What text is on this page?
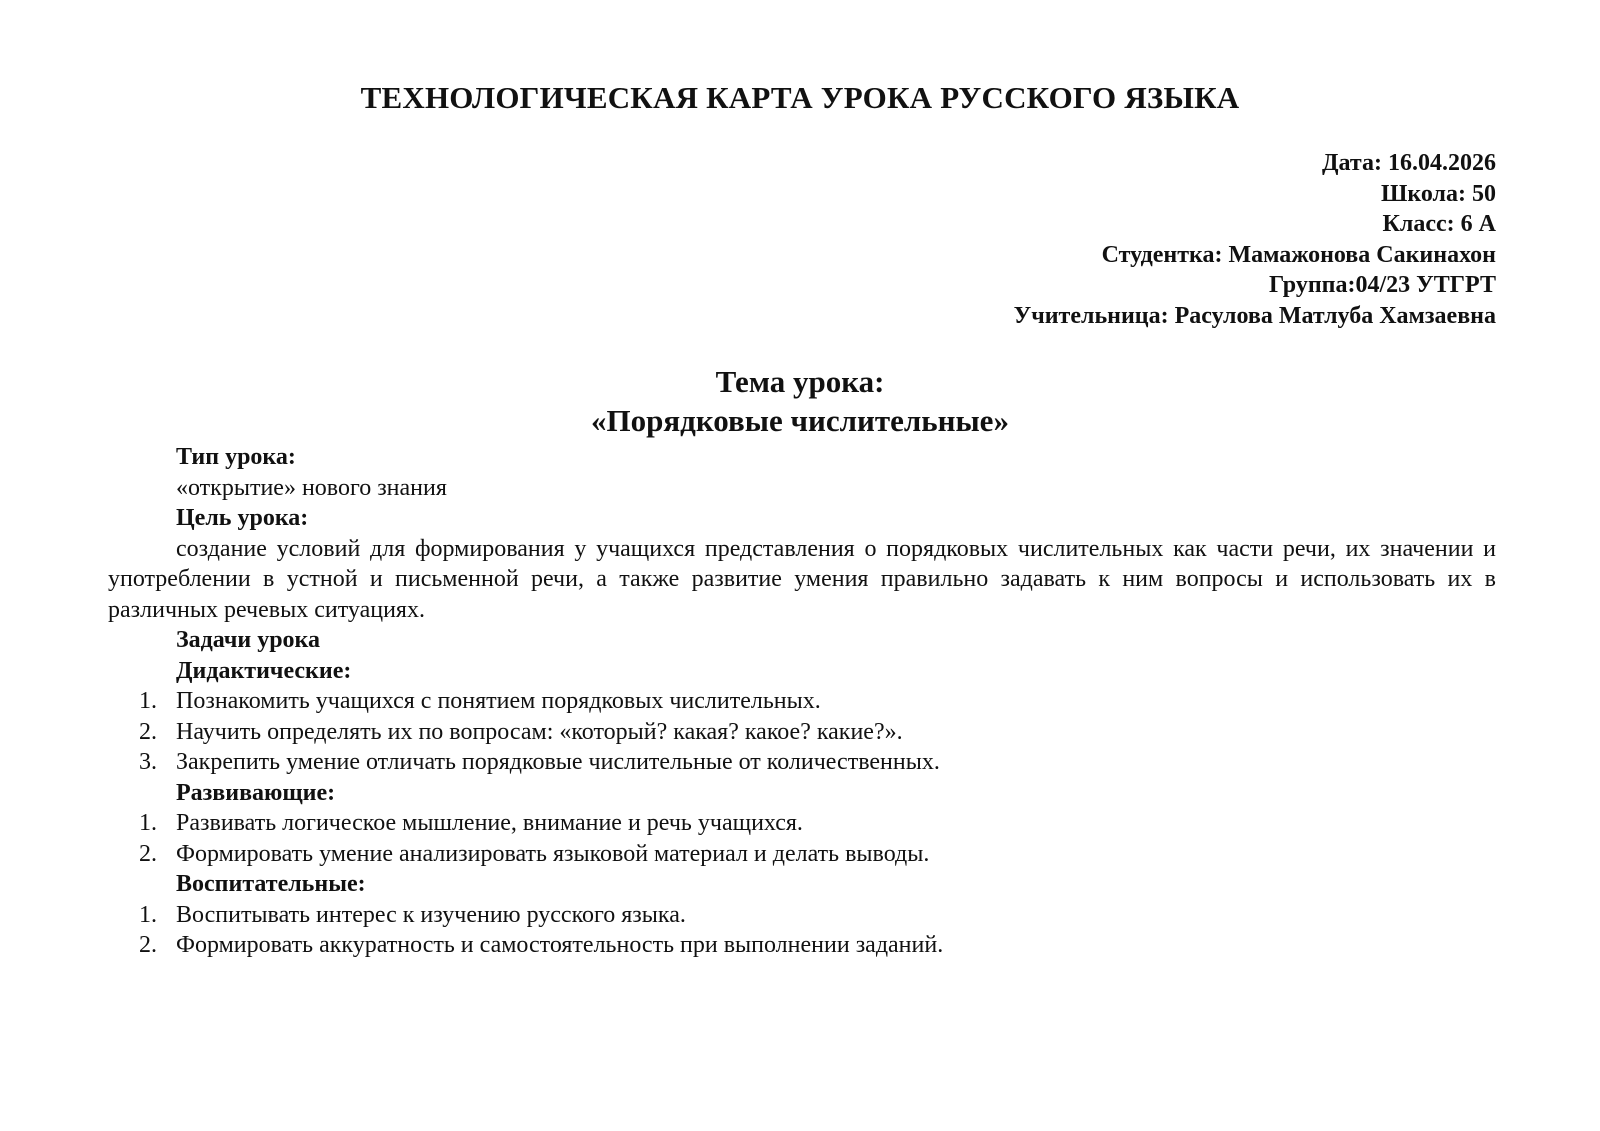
ТЕХНОЛОГИЧЕСКАЯ КАРТА УРОКА РУССКОГО ЯЗЫКА
Дата: 16.04.2026
Школа: 50
Класс: 6 А
Студентка: Мамажонова Сакинахон
Группа:04/23 УТГРТ
Учительница: Расулова Матлуба Хамзаевна
Тема урока:
«Порядковые числительные»
Тип урока:
«открытие» нового знания
Цель урока:
создание условий для формирования у учащихся представления о порядковых числительных как части речи, их значении и употреблении в устной и письменной речи, а также развитие умения правильно задавать к ним вопросы и использовать их в различных речевых ситуациях.
Задачи урока
Дидактические:
1. Познакомить учащихся с понятием порядковых числительных.
2. Научить определять их по вопросам: «который? какая? какое? какие?».
3. Закрепить умение отличать порядковые числительные от количественных.
Развивающие:
1. Развивать логическое мышление, внимание и речь учащихся.
2. Формировать умение анализировать языковой материал и делать выводы.
Воспитательные:
1. Воспитывать интерес к изучению русского языка.
2. Формировать аккуратность и самостоятельность при выполнении заданий.
